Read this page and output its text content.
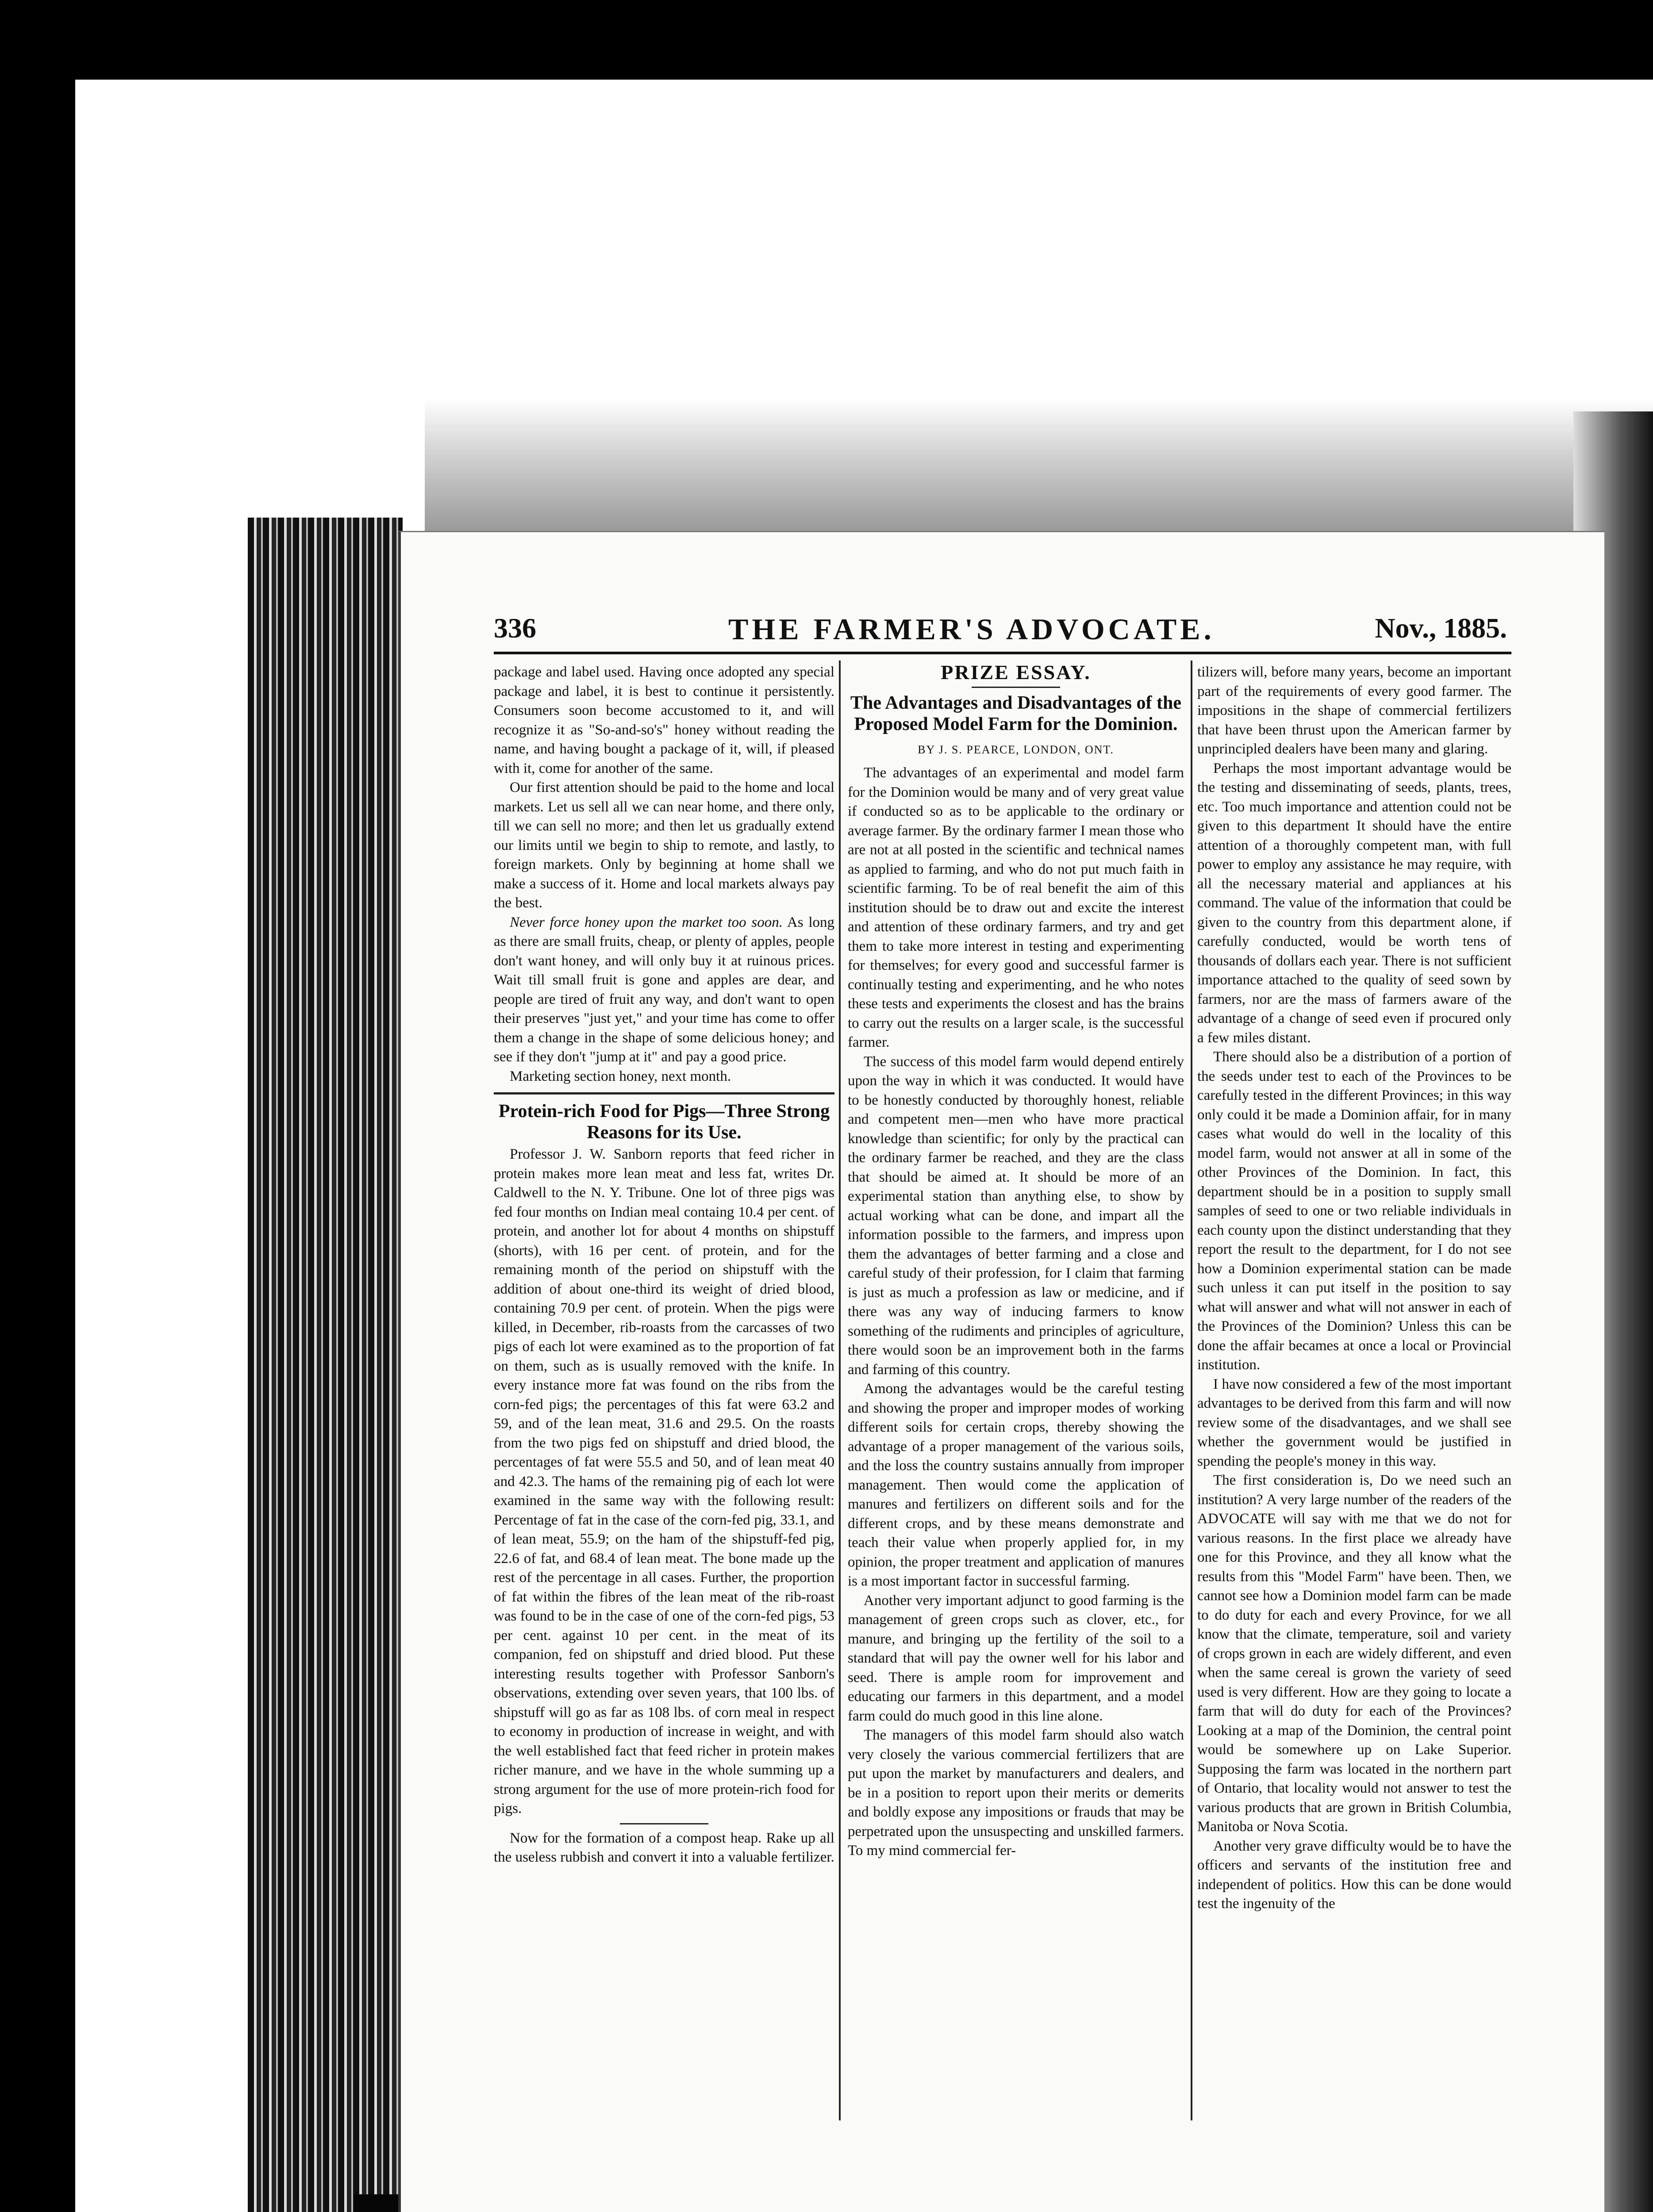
336	THE FARMER'S ADVOCATE.	Nov., 1885.

package and label used. Having once adopted any special package and label, it is best to continue it persistently. Consumers soon become accustomed to it, and will recognize it as "So-and-so's" honey without reading the name, and having bought a package of it, will, if pleased with it, come for another of the same.

Our first attention should be paid to the home and local markets. Let us sell all we can near home, and there only, till we can sell no more; and then let us gradually extend our limits until we begin to ship to remote, and lastly, to foreign markets. Only by beginning at home shall we make a success of it. Home and local markets always pay the best.

Never force honey upon the market too soon. As long as there are small fruits, cheap, or plenty of apples, people don't want honey, and will only buy it at ruinous prices. Wait till small fruit is gone and apples are dear, and people are tired of fruit any way, and don't want to open their preserves "just yet," and your time has come to offer them a change in the shape of some delicious honey; and see if they don't "jump at it" and pay a good price.

Marketing section honey, next month.

Protein-rich Food for Pigs—Three Strong Reasons for its Use.

Professor J. W. Sanborn reports that feed richer in protein makes more lean meat and less fat, writes Dr. Caldwell to the N. Y. Tribune. One lot of three pigs was fed four months on Indian meal containg 10.4 per cent. of protein, and another lot for about 4 months on shipstuff (shorts), with 16 per cent. of protein, and for the remaining month of the period on shipstuff with the addition of about one-third its weight of dried blood, containing 70.9 per cent. of protein. When the pigs were killed, in December, rib-roasts from the carcasses of two pigs of each lot were examined as to the proportion of fat on them, such as is usually removed with the knife. In every instance more fat was found on the ribs from the corn-fed pigs; the percentages of this fat were 63.2 and 59, and of the lean meat, 31.6 and 29.5. On the roasts from the two pigs fed on shipstuff and dried blood, the percentages of fat were 55.5 and 50, and of lean meat 40 and 42.3. The hams of the remaining pig of each lot were examined in the same way with the following result: Percentage of fat in the case of the corn-fed pig, 33.1, and of lean meat, 55.9; on the ham of the shipstuff-fed pig, 22.6 of fat, and 68.4 of lean meat. The bone made up the rest of the percentage in all cases. Further, the proportion of fat within the fibres of the lean meat of the rib-roast was found to be in the case of one of the corn-fed pigs, 53 per cent. against 10 per cent. in the meat of its companion, fed on shipstuff and dried blood. Put these interesting results together with Professor Sanborn's observations, extending over seven years, that 100 lbs. of shipstuff will go as far as 108 lbs. of corn meal in respect to economy in production of increase in weight, and with the well established fact that feed richer in protein makes richer manure, and we have in the whole summing up a strong argument for the use of more protein-rich food for pigs.

Now for the formation of a compost heap. Rake up all the useless rubbish and convert it into a valuable fertilizer.

PRIZE ESSAY.
The Advantages and Disadvantages of the Proposed Model Farm for the Dominion.
BY J. S. PEARCE, LONDON, ONT.

The advantages of an experimental and model farm for the Dominion would be many and of very great value if conducted so as to be applicable to the ordinary or average farmer. By the ordinary farmer I mean those who are not at all posted in the scientific and technical names as applied to farming, and who do not put much faith in scientific farming. To be of real benefit the aim of this institution should be to draw out and excite the interest and attention of these ordinary farmers, and try and get them to take more interest in testing and experimenting for themselves; for every good and successful farmer is continually testing and experimenting, and he who notes these tests and experiments the closest and has the brains to carry out the results on a larger scale, is the successful farmer.

The success of this model farm would depend entirely upon the way in which it was conducted. It would have to be honestly conducted by thoroughly honest, reliable and competent men—men who have more practical knowledge than scientific; for only by the practical can the ordinary farmer be reached, and they are the class that should be aimed at. It should be more of an experimental station than anything else, to show by actual working what can be done, and impart all the information possible to the farmers, and impress upon them the advantages of better farming and a close and careful study of their profession, for I claim that farming is just as much a profession as law or medicine, and if there was any way of inducing farmers to know something of the rudiments and principles of agriculture, there would soon be an improvement both in the farms and farming of this country.

Among the advantages would be the careful testing and showing the proper and improper modes of working different soils for certain crops, thereby showing the advantage of a proper management of the various soils, and the loss the country sustains annually from improper management. Then would come the application of manures and fertilizers on different soils and for the different crops, and by these means demonstrate and teach their value when properly applied for, in my opinion, the proper treatment and application of manures is a most important factor in successful farming.

Another very important adjunct to good farming is the management of green crops such as clover, etc., for manure, and bringing up the fertility of the soil to a standard that will pay the owner well for his labor and seed. There is ample room for improvement and educating our farmers in this department, and a model farm could do much good in this line alone.

The managers of this model farm should also watch very closely the various commercial fertilizers that are put upon the market by manufacturers and dealers, and be in a position to report upon their merits or demerits and boldly expose any impositions or frauds that may be perpetrated upon the unsuspecting and unskilled farmers. To my mind commercial fer-

tilizers will, before many years, become an important part of the requirements of every good farmer. The impositions in the shape of commercial fertilizers that have been thrust upon the American farmer by unprincipled dealers have been many and glaring.

Perhaps the most important advantage would be the testing and disseminating of seeds, plants, trees, etc. Too much importance and attention could not be given to this department It should have the entire attention of a thoroughly competent man, with full power to employ any assistance he may require, with all the necessary material and appliances at his command. The value of the information that could be given to the country from this department alone, if carefully conducted, would be worth tens of thousands of dollars each year. There is not sufficient importance attached to the quality of seed sown by farmers, nor are the mass of farmers aware of the advantage of a change of seed even if procured only a few miles distant.

There should also be a distribution of a portion of the seeds under test to each of the Provinces to be carefully tested in the different Provinces; in this way only could it be made a Dominion affair, for in many cases what would do well in the locality of this model farm, would not answer at all in some of the other Provinces of the Dominion. In fact, this department should be in a position to supply small samples of seed to one or two reliable individuals in each county upon the distinct understanding that they report the result to the department, for I do not see how a Dominion experimental station can be made such unless it can put itself in the position to say what will answer and what will not answer in each of the Provinces of the Dominion? Unless this can be done the affair becames at once a local or Provincial institution.

I have now considered a few of the most important advantages to be derived from this farm and will now review some of the disadvantages, and we shall see whether the government would be justified in spending the people's money in this way.

The first consideration is, Do we need such an institution? A very large number of the readers of the ADVOCATE will say with me that we do not for various reasons. In the first place we already have one for this Province, and they all know what the results from this "Model Farm" have been. Then, we cannot see how a Dominion model farm can be made to do duty for each and every Province, for we all know that the climate, temperature, soil and variety of crops grown in each are widely different, and even when the same cereal is grown the variety of seed used is very different. How are they going to locate a farm that will do duty for each of the Provinces? Looking at a map of the Dominion, the central point would be somewhere up on Lake Superior. Supposing the farm was located in the northern part of Ontario, that locality would not answer to test the various products that are grown in British Columbia, Manitoba or Nova Scotia.

Another very grave difficulty would be to have the officers and servants of the institution free and independent of politics. How this can be done would test the ingenuity of the
